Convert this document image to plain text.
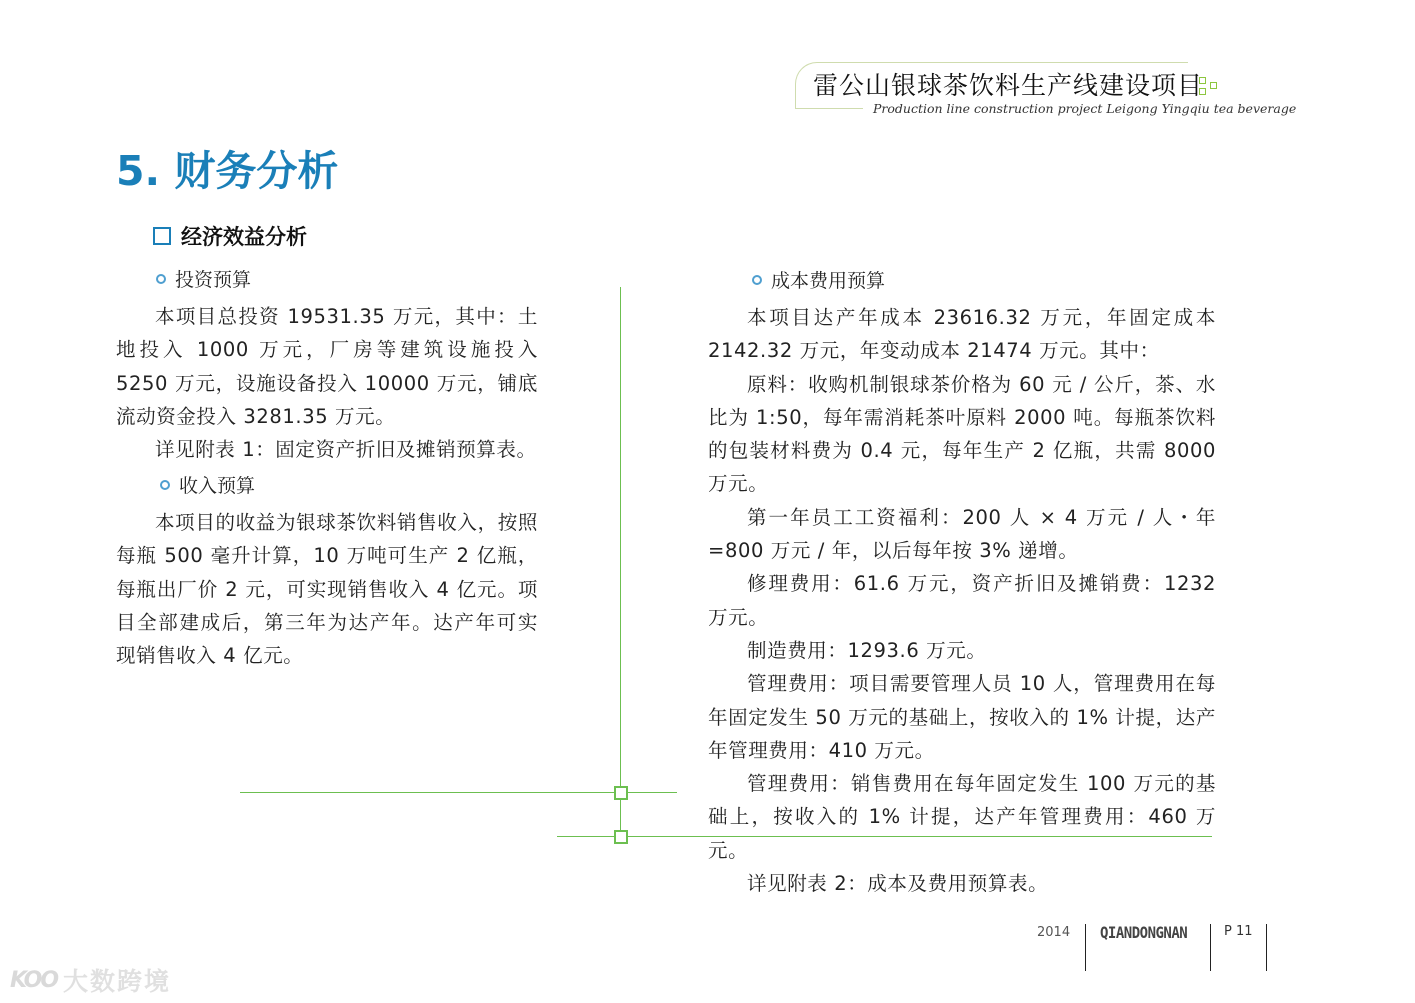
雷公山银球茶饮料生产线建设项目
Production line construction project Leigong Yingqiu tea beverage
5. 财务分析
经济效益分析
投资预算
本项目总投资 19531.35 万元，其中：土地投入 1000 万元，厂房等建筑设施投入 5250 万元，设施设备投入 10000 万元，铺底流动资金投入 3281.35 万元。
详见附表 1：固定资产折旧及摊销预算表。
收入预算
本项目的收益为银球茶饮料销售收入，按照每瓶 500 毫升计算，10 万吨可生产 2 亿瓶，每瓶出厂价 2 元，可实现销售收入 4 亿元。项目全部建成后，第三年为达产年。达产年可实现销售收入 4 亿元。
成本费用预算
本项目达产年成本 23616.32 万元，年固定成本 2142.32 万元，年变动成本 21474 万元。其中：
原料：收购机制银球茶价格为 60 元 / 公斤，茶、水比为 1:50，每年需消耗茶叶原料 2000 吨。每瓶茶饮料的包装材料费为 0.4 元，每年生产 2 亿瓶，共需 8000 万元。
第一年员工工资福利：200 人 × 4 万元 / 人・年 =800 万元 / 年，以后每年按 3% 递增。
修理费用：61.6 万元，资产折旧及摊销费：1232 万元。
制造费用：1293.6 万元。
管理费用：项目需要管理人员 10 人，管理费用在每年固定发生 50 万元的基础上，按收入的 1% 计提，达产年管理费用：410 万元。
管理费用：销售费用在每年固定发生 100 万元的基础上，按收入的 1% 计提，达产年管理费用：460 万元。
详见附表 2：成本及费用预算表。
2014 QIANDONGNAN	P 11
KOO 大数跨境
